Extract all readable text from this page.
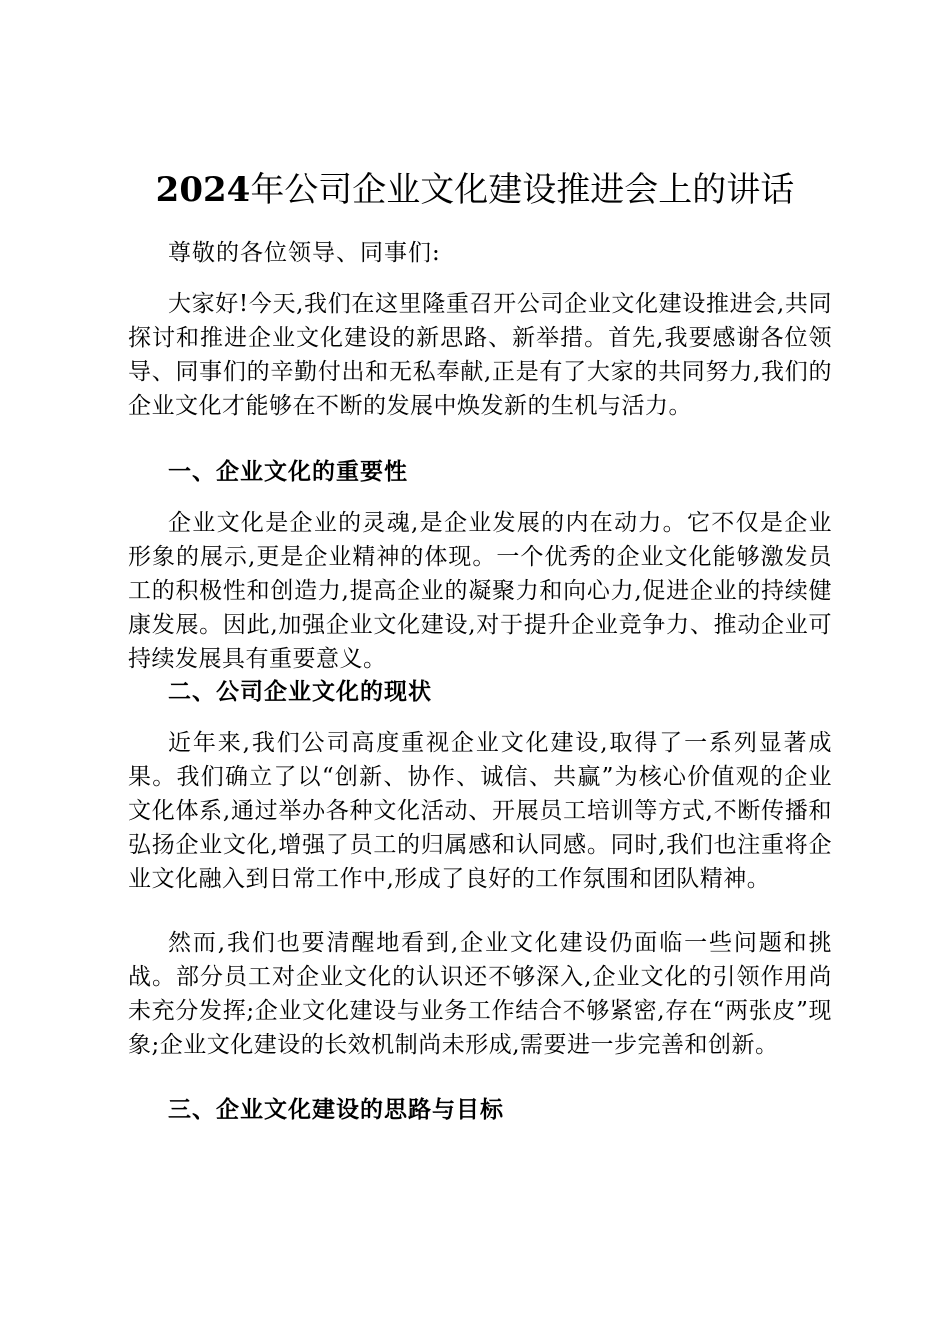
2024年公司企业文化建设推进会上的讲话

尊敬的各位领导、同事们:

大家好!今天,我们在这里隆重召开公司企业文化建设推进会,共同探讨和推进企业文化建设的新思路、新举措。首先,我要感谢各位领导、同事们的辛勤付出和无私奉献,正是有了大家的共同努力,我们的企业文化才能够在不断的发展中焕发新的生机与活力。

一、企业文化的重要性

企业文化是企业的灵魂,是企业发展的内在动力。它不仅是企业形象的展示,更是企业精神的体现。一个优秀的企业文化能够激发员工的积极性和创造力,提高企业的凝聚力和向心力,促进企业的持续健康发展。因此,加强企业文化建设,对于提升企业竞争力、推动企业可持续发展具有重要意义。

二、公司企业文化的现状

近年来,我们公司高度重视企业文化建设,取得了一系列显著成果。我们确立了以“创新、协作、诚信、共赢”为核心价值观的企业文化体系,通过举办各种文化活动、开展员工培训等方式,不断传播和弘扬企业文化,增强了员工的归属感和认同感。同时,我们也注重将企业文化融入到日常工作中,形成了良好的工作氛围和团队精神。

然而,我们也要清醒地看到,企业文化建设仍面临一些问题和挑战。部分员工对企业文化的认识还不够深入,企业文化的引领作用尚未充分发挥;企业文化建设与业务工作结合不够紧密,存在“两张皮”现象;企业文化建设的长效机制尚未形成,需要进一步完善和创新。

三、企业文化建设的思路与目标
